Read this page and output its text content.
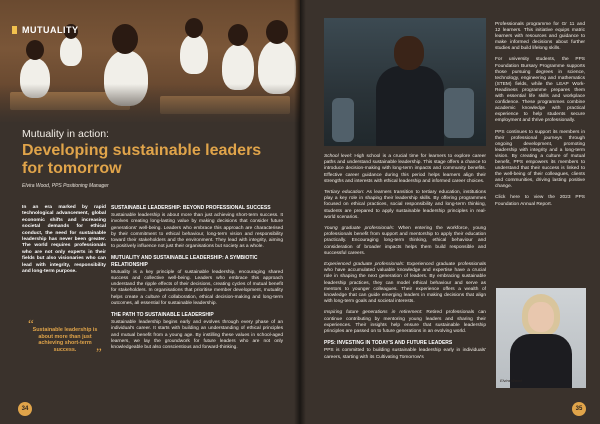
MUTUALITY
Mutuality in action:
Developing sustainable leaders for tomorrow
Elvira Wood, PPS Positioning Manager
In an era marked by rapid technological advancement, global economic shifts and increasing societal demands for ethical conduct, the need for sustainable leadership has never been greater. The world requires professionals who are not only experts in their fields but also visionaries who can lead with integrity, responsibility and long-term purpose.
“
Sustainable leadership is about more than just achieving short-term success.	”
SUSTAINABLE LEADERSHIP: BEYOND PROFESSIONAL SUCCESS
Sustainable leadership is about more than just achieving short-term success. It involves creating long-lasting value by making decisions that consider future generations' well-being. Leaders who embrace this approach are characterised by their commitment to ethical behaviour, long-term vision and responsibility toward their stakeholders and the environment. They lead with integrity, aiming to positively influence not just their organisations but society as a whole.
MUTUALITY AND SUSTAINABLE LEADERSHIP: A SYMBIOTIC RELATIONSHIP
Mutuality is a key principle of sustainable leadership, encouraging shared success and collective well-being. Leaders who embrace this approach understand the ripple effects of their decisions, creating cycles of mutual benefit for stakeholders. In organisations that prioritise member development, mutuality helps create a culture of collaboration, ethical decision-making and long-term outcomes, all essential for sustainable leadership.
THE PATH TO SUSTAINABLE LEADERSHIP
Sustainable leadership begins early and evolves through every phase of an individual's career. It starts with building an understanding of ethical principles and mutual benefit from a young age. By instilling these values in school-aged learners, we lay the groundwork for future leaders who are not only knowledgeable but also conscientious and forward-thinking.
34
School level: High school is a crucial time for learners to explore career paths and understand sustainable leadership. This stage offers a chance to introduce decision-making with long-term impacts and community benefits. Effective career guidance during this period helps learners align their strengths and interests with ethical leadership and informed career choices.
Tertiary education: As learners transition to tertiary education, institutions play a key role in shaping their leadership skills. By offering programmes focused on ethical practices, social responsibility and long-term thinking, students are prepared to apply sustainable leadership principles in real-world scenarios.
Young graduate professionals: When entering the workforce, young professionals benefit from support and mentorship to apply their education practically. Encouraging long-term thinking, ethical behaviour and consideration of broader impacts helps them build responsible and successful careers.
Experienced graduate professionals: Experienced graduate professionals who have accumulated valuable knowledge and expertise have a crucial role in shaping the next generation of leaders. By embracing sustainable leadership practices, they can model ethical behaviour and serve as mentors to younger colleagues. Their experience offers a wealth of knowledge that can guide emerging leaders in making decisions that align with long-term goals and societal interests.
Inspiring future generations in retirement: Retired professionals can continue contributing by mentoring young leaders and sharing their experiences. Their insights help ensure that sustainable leadership principles are passed on to future generations in an evolving world.
PPS: INVESTING IN TODAY'S AND FUTURE LEADERS
PPS is committed to building sustainable leadership early in individuals' careers, starting with its Cultivating Tomorrow's
Professionals programme for Gr 11 and 12 learners. This initiative equips matric learners with resources and guidance to make informed decisions about further studies and build lifelong skills.
For university students, the PPS Foundation Bursary Programme supports those pursuing degrees in science, technology, engineering and mathematics (STEM) fields, while the LEAP Work-Readiness programme prepares them with essential life skills and workplace confidence. These programmes combine academic knowledge with practical experience to help students secure employment and thrive professionally.
PPS continues to support its members in their professional journeys through ongoing development, promoting leadership with integrity and a long-term vision. By creating a culture of mutual benefit, PPS empowers its members to understand that their success is linked to the well-being of their colleagues, clients and communities, driving lasting positive change.
Click here to view the 2023 PPS Foundation Annual Report.
Elvira Wood
35
